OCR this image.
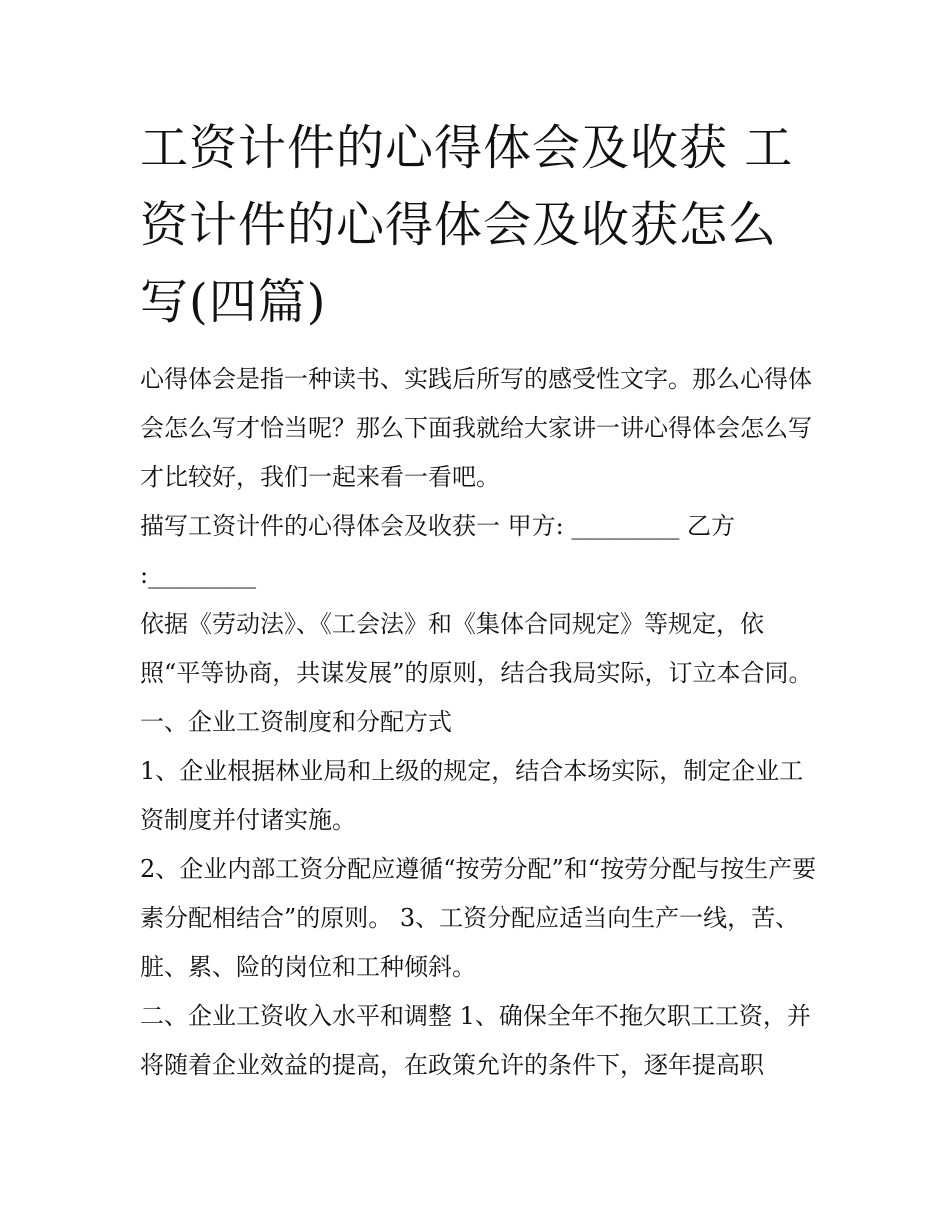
工资计件的心得体会及收获 工资计件的心得体会及收获怎么写(四篇)

心得体会是指一种读书、实践后所写的感受性文字。那么心得体会怎么写才恰当呢？那么下面我就给大家讲一讲心得体会怎么写才比较好，我们一起来看一看吧。

描写工资计件的心得体会及收获一 甲方: _________ 乙方 :_________

依据《劳动法》、《工会法》和《集体合同规定》等规定，依照“平等协商，共谋发展”的原则，结合我局实际，订立本合同。 一、企业工资制度和分配方式

1、企业根据林业局和上级的规定，结合本场实际，制定企业工资制度并付诸实施。

2、企业内部工资分配应遵循“按劳分配”和“按劳分配与按生产要素分配相结合”的原则。 3、工资分配应适当向生产一线，苦、脏、累、险的岗位和工种倾斜。

二、企业工资收入水平和调整 1、确保全年不拖欠职工工资，并将随着企业效益的提高，在政策允许的条件下，逐年提高职
